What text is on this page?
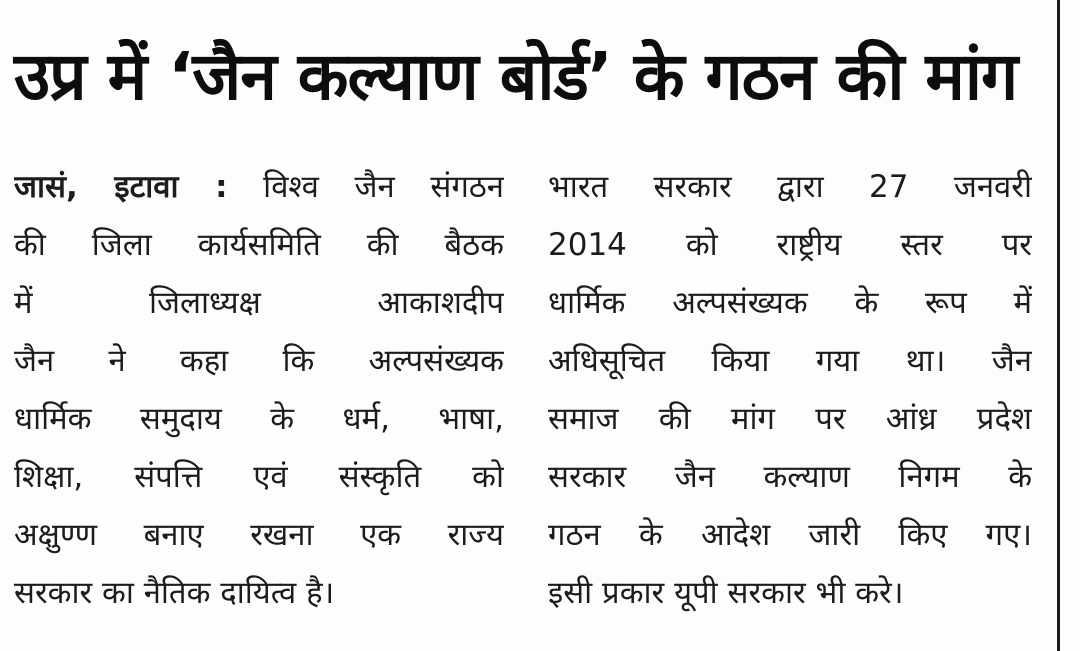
उप्र में ‘जैन कल्याण बोर्ड’ के गठन की मांग
जासं, इटावा : विश्व जैन संगठन
की जिला कार्यसमिति की बैठक
में जिलाध्यक्ष आकाशदीप
जैन ने कहा कि अल्पसंख्यक
धार्मिक समुदाय के धर्म, भाषा,
शिक्षा, संपत्ति एवं संस्कृति को
अक्षुण्ण बनाए रखना एक राज्य
सरकार का नैतिक दायित्व है।
भारत सरकार द्वारा 27 जनवरी
2014 को राष्ट्रीय स्तर पर
धार्मिक अल्पसंख्यक के रूप में
अधिसूचित किया गया था। जैन
समाज की मांग पर आंध्र प्रदेश
सरकार जैन कल्याण निगम के
गठन के आदेश जारी किए गए।
इसी प्रकार यूपी सरकार भी करे।
